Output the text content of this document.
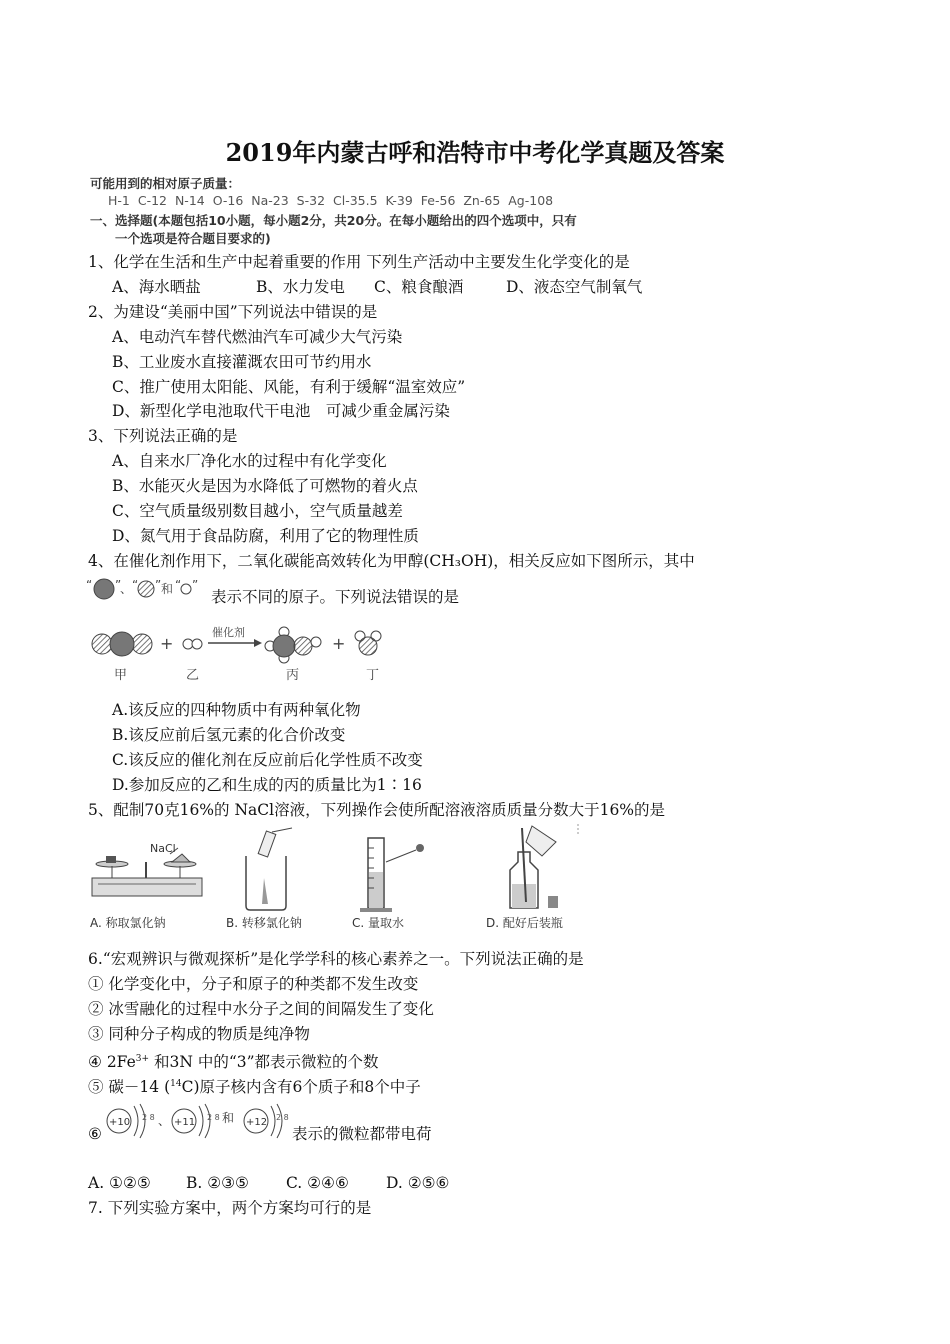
2019年内蒙古呼和浩特市中考化学真题及答案
可能用到的相对原子质量：
H-1 C-12 N-14 O-16 Na-23 S-32 Cl-35.5 K-39 Fe-56 Zn-65 Ag-108
一、选择题(本题包括10小题，每小题2分，共20分。在每小题给出的四个选项中，只有
一个选项是符合题目要求的)
1、化学在生活和生产中起着重要的作用 下列生产活动中主要发生化学变化的是
A、海水晒盐	B、水力发电 C、粮食酿酒	D、液态空气制氧气
2、为建设“美丽中国”下列说法中错误的是
A、电动汽车替代燃油汽车可减少大气污染
B、工业废水直接灌溉农田可节约用水
C、推广使用太阳能、风能，有利于缓解“温室效应”
D、新型化学电池取代干电池　可减少重金属污染
3、下列说法正确的是
A、自来水厂净化水的过程中有化学变化
B、水能灭火是因为水降低了可燃物的着火点
C、空气质量级别数目越小，空气质量越差
D、氮气用于食品防腐，利用了它的物理性质
4、在催化剂作用下，二氧化碳能高效转化为甲醇(CH₃OH)，相关反应如下图所示，其中
“ ”
、 “ ” 和 “ ”
表示不同的原子。下列说法错误的是
甲
+
乙
催化剂
丙
+
丁
A.该反应的四种物质中有两种氧化物
B.该反应前后氢元素的化合价改变
C.该反应的催化剂在反应前后化学性质不改变
D.参加反应的乙和生成的丙的质量比为1∶16
5、配制70克16%的 NaCl溶液，下列操作会使所配溶液溶质质量分数大于16%的是
NaCl
A. 称取氯化钠	B. 转移氯化钠	C. 量取水	D. 配好后装瓶
6.“宏观辨识与微观探析”是化学学科的核心素养之一。下列说法正确的是
① 化学变化中，分子和原子的种类都不发生改变
② 冰雪融化的过程中水分子之间的间隔发生了变化
③ 同种分子构成的物质是纯净物
④ $2Fe^{3+}$ 和3N 中的“3”都表示微粒的个数
⑤ 碳－14 ($^{14}$C)原子核内含有6个质子和8个中子
⑥
+10 2 8 、 +11 2 8 和 +12 2 8
表示的微粒都带电荷
A. ①②⑤ B. ②③⑤ C. ②④⑥ D. ②⑤⑥
7. 下列实验方案中，两个方案均可行的是
